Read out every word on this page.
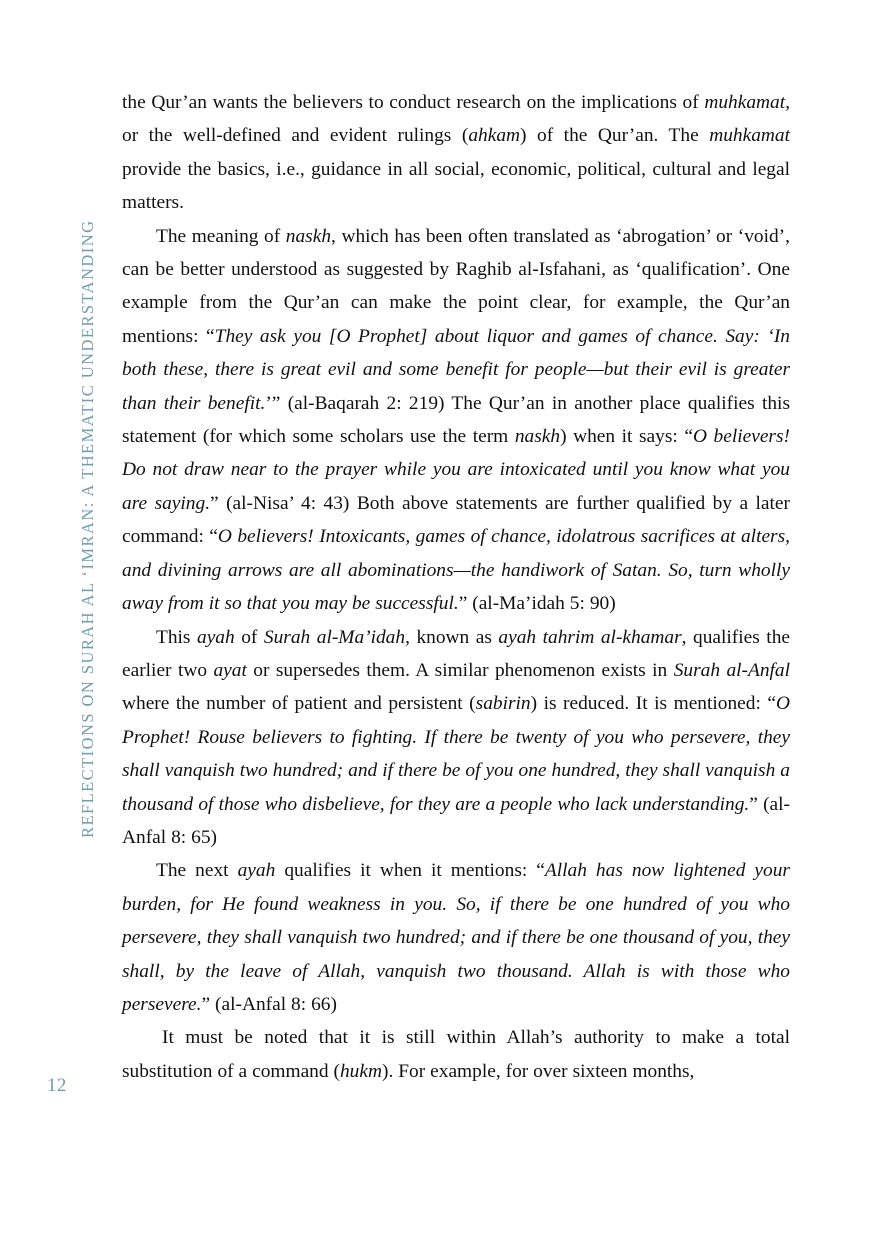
REFLECTIONS ON SURAH AL ‘IMRAN: A THEMATIC UNDERSTANDING
12

the Qur’an wants the believers to conduct research on the implications of muhkamat, or the well-defined and evident rulings (ahkam) of the Qur’an. The muhkamat provide the basics, i.e., guidance in all social, economic, political, cultural and legal matters.

The meaning of naskh, which has been often translated as ‘abrogation’ or ‘void’, can be better understood as suggested by Raghib al-Isfahani, as ‘qualification’. One example from the Qur’an can make the point clear, for example, the Qur’an mentions: “They ask you [O Prophet] about liquor and games of chance. Say: ‘In both these, there is great evil and some benefit for people—but their evil is greater than their benefit.’” (al-Baqarah 2: 219) The Qur’an in another place qualifies this statement (for which some scholars use the term naskh) when it says: “O believers! Do not draw near to the prayer while you are intoxicated until you know what you are saying.” (al-Nisa’ 4: 43) Both above statements are further qualified by a later command: “O believers! Intoxicants, games of chance, idolatrous sacrifices at alters, and divining arrows are all abominations—the handiwork of Satan. So, turn wholly away from it so that you may be successful.” (al-Ma’idah 5: 90)

This ayah of Surah al-Ma’idah, known as ayah tahrim al-khamar, qualifies the earlier two ayat or supersedes them. A similar phenomenon exists in Surah al-Anfal where the number of patient and persistent (sabirin) is reduced. It is mentioned: “O Prophet! Rouse believers to fighting. If there be twenty of you who persevere, they shall vanquish two hundred; and if there be of you one hundred, they shall vanquish a thousand of those who disbelieve, for they are a people who lack understanding.” (al-Anfal 8: 65)

The next ayah qualifies it when it mentions: “Allah has now lightened your burden, for He found weakness in you. So, if there be one hundred of you who persevere, they shall vanquish two hundred; and if there be one thousand of you, they shall, by the leave of Allah, vanquish two thousand. Allah is with those who persevere.” (al-Anfal 8: 66)

It must be noted that it is still within Allah’s authority to make a total substitution of a command (hukm). For example, for over sixteen months,
